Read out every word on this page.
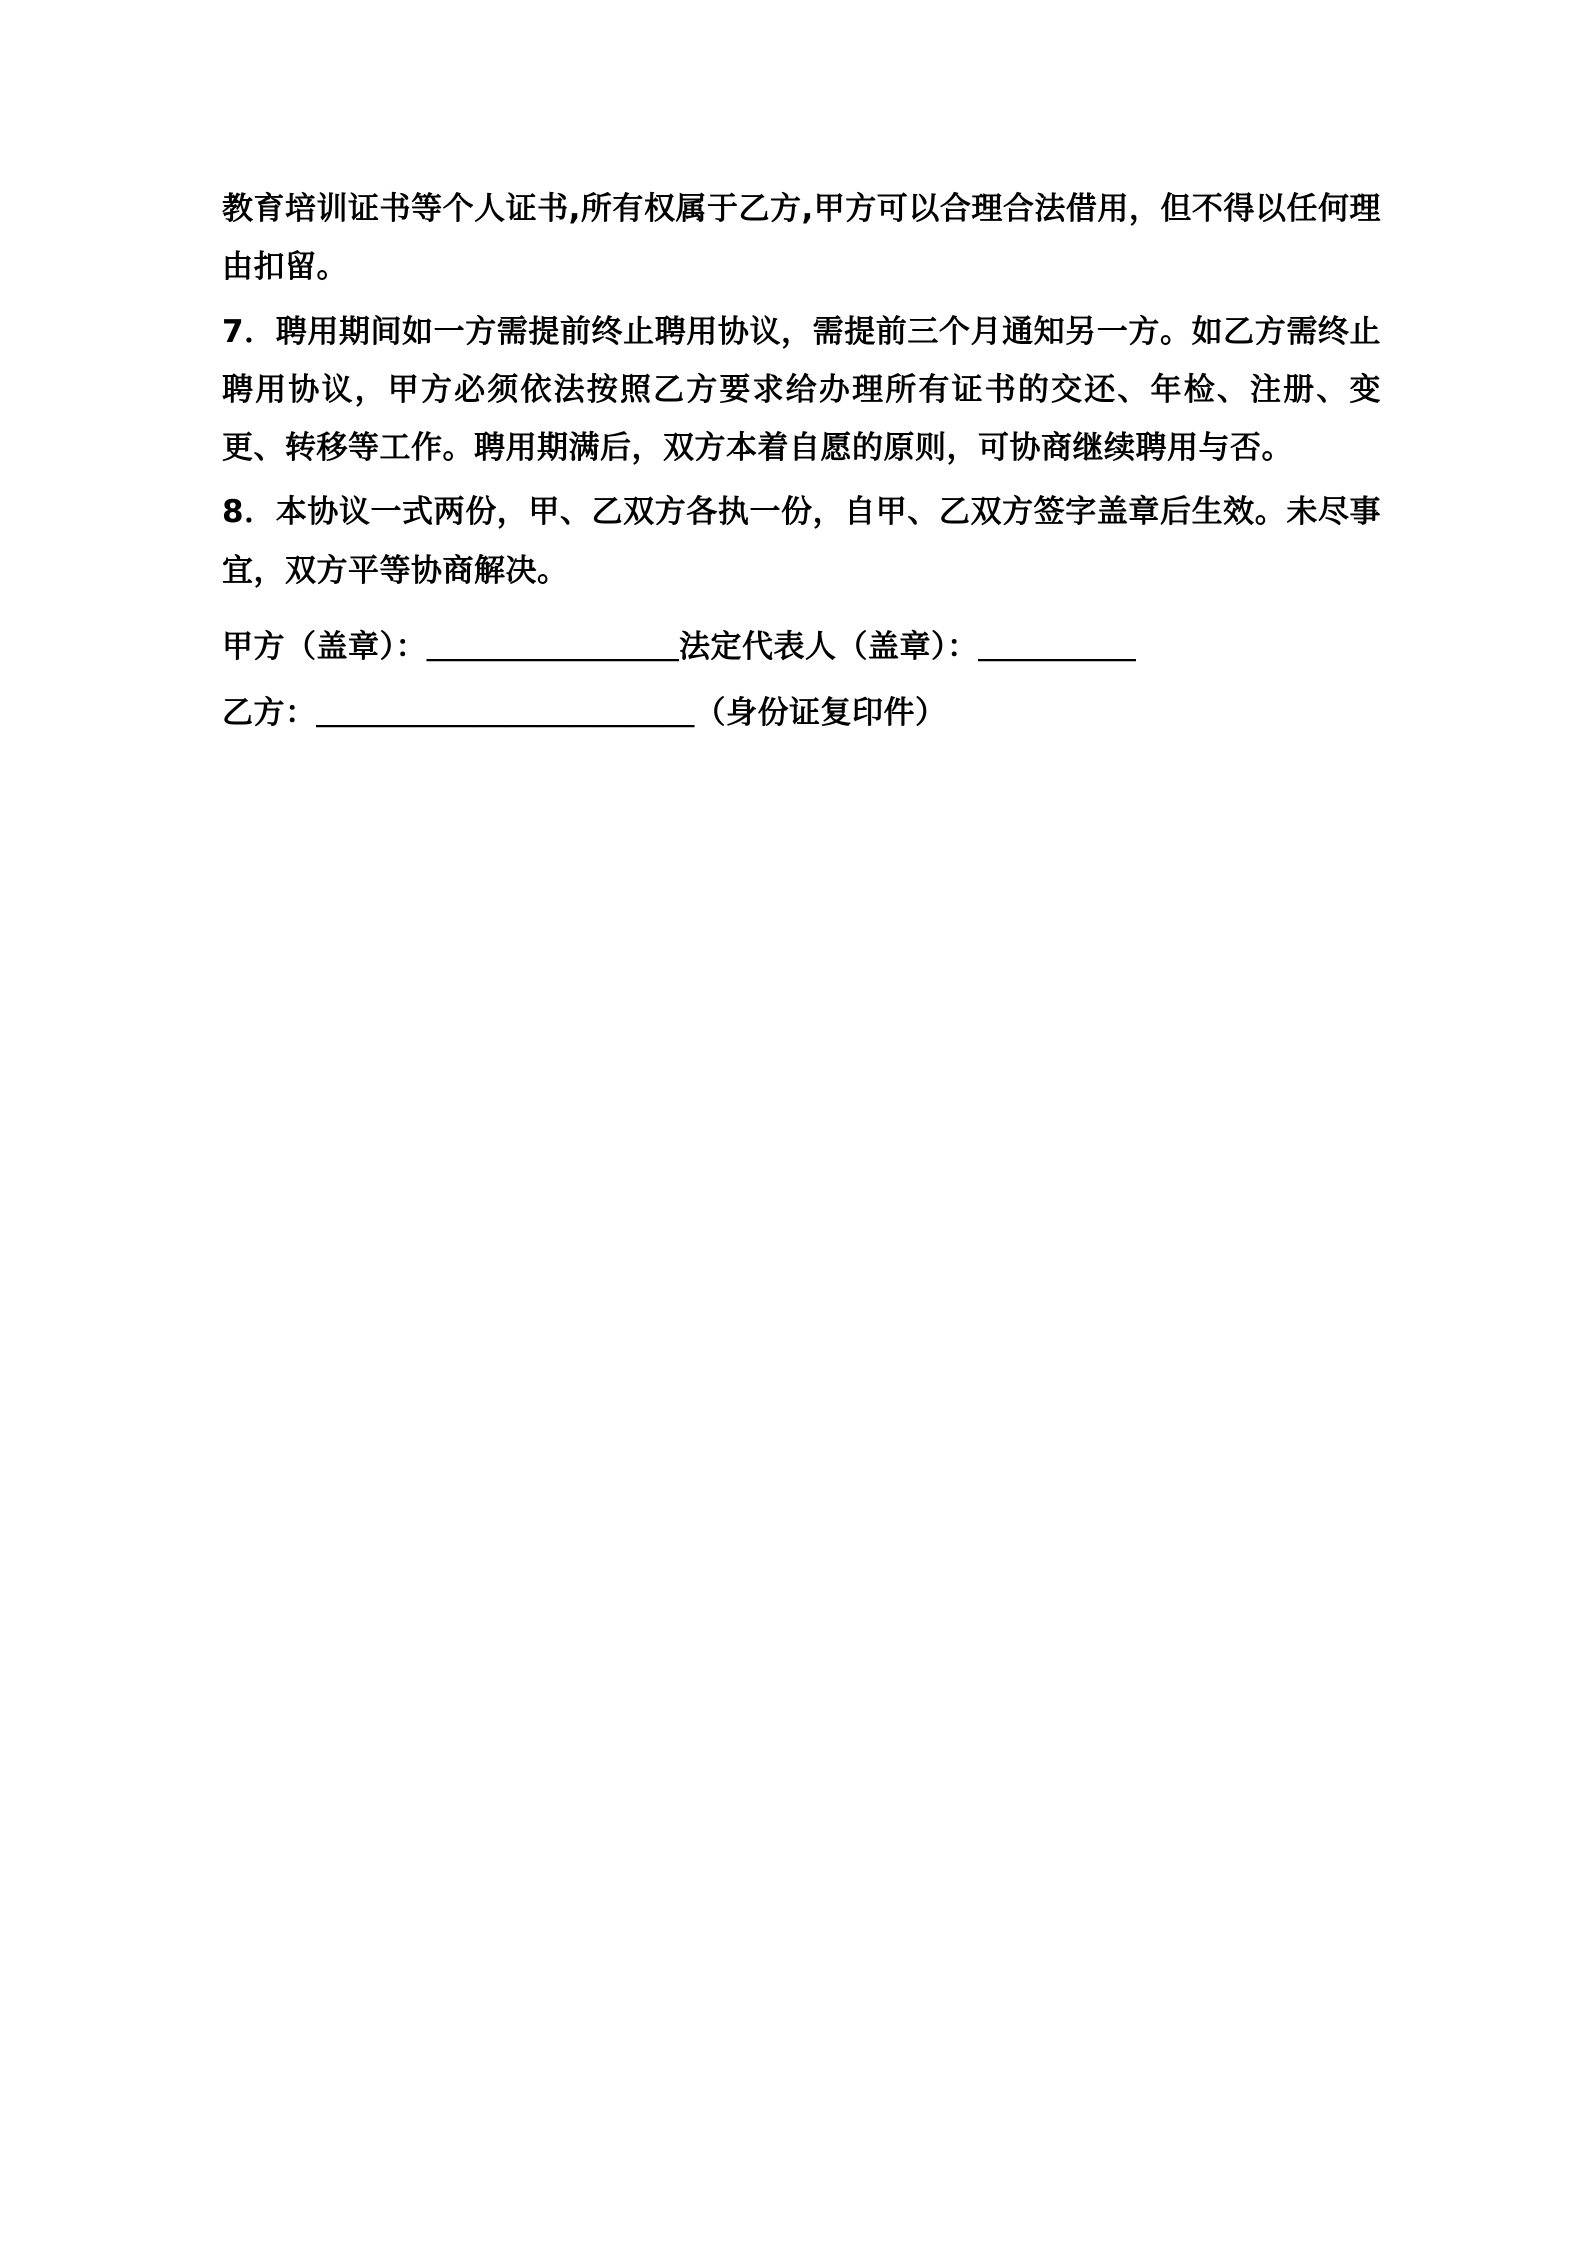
教育培训证书等个人证书,所有权属于乙方,甲方可以合理合法借用，但不得以任何理由扣留。

7．聘用期间如一方需提前终止聘用协议，需提前三个月通知另一方。如乙方需终止聘用协议，甲方必须依法按照乙方要求给办理所有证书的交还、年检、注册、变更、转移等工作。聘用期满后，双方本着自愿的原则，可协商继续聘用与否。

8．本协议一式两份，甲、乙双方各执一份，自甲、乙双方签字盖章后生效。未尽事宜，双方平等协商解决。

甲方（盖章）：＿＿＿＿＿＿＿＿法定代表人（盖章）：＿＿＿＿＿

乙方：＿＿＿＿＿＿＿＿＿＿＿＿（身份证复印件）
